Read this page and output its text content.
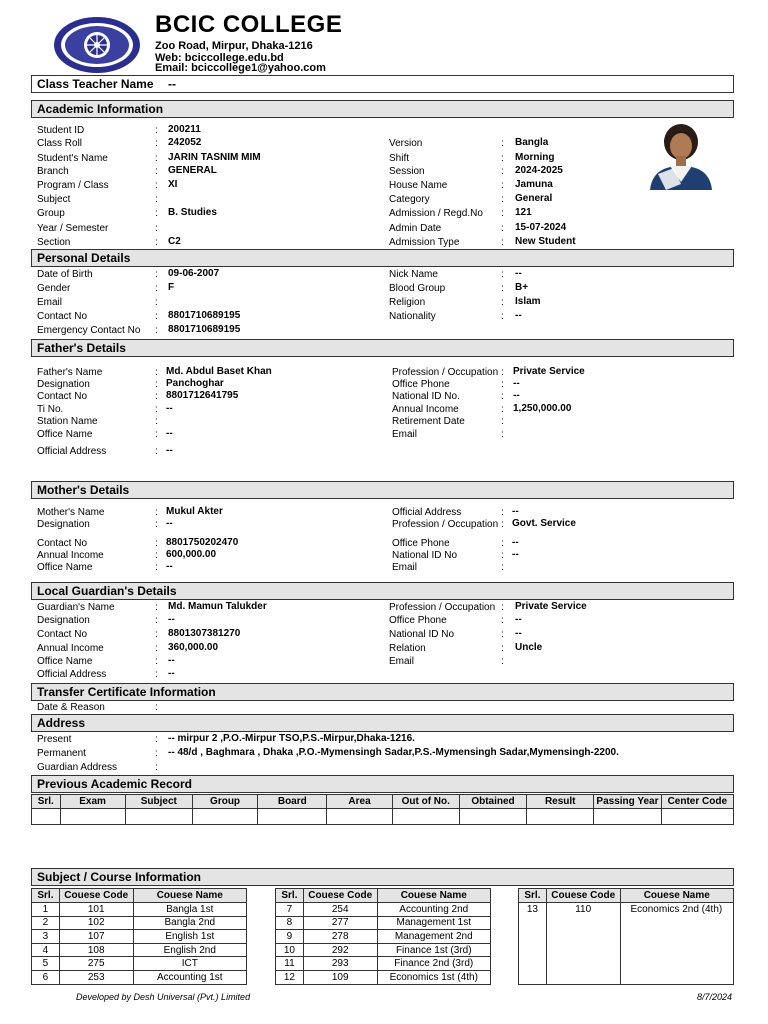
BCIC COLLEGE
Zoo Road, Mirpur, Dhaka-1216
Web: bciccollege.edu.bd
Email: bciccollege1@yahoo.com
Class Teacher Name --
Academic Information
Student ID	: 200211
Class Roll	: 242052
Student's Name	: JARIN TASNIM MIM
Branch	: GENERAL
Program / Class	: XI
Subject	:
Group	: B. Studies
Year / Semester	:
Section	: C2
Version	: Bangla
Shift	: Morning
Session	: 2024-2025
House Name	: Jamuna
Category	: General
Admission / Regd.No : 121
Admin Date	: 15-07-2024
Admission Type	: New Student
Personal Details
Date of Birth	: 09-06-2007
Gender	: F
Email	:
Contact No	: 8801710689195
Emergency Contact No : 8801710689195
Nick Name	: --
Blood Group	: B+
Religion	: Islam
Nationality	: --
Father's Details
Father's Name	: Md. Abdul Baset Khan
Designation	: Panchoghar
Contact No	: 8801712641795
Ti No.	: --
Station Name	:
Office Name	: --
Official Address	: --
Profession / Occupation : Private Service
Office Phone	: --
National ID No.	: --
Annual Income	: 1,250,000.00
Retirement Date	:
Email	:
Mother's Details
Mother's Name	: Mukul Akter
Designation	: --
Contact No	: 8801750202470
Annual Income	: 600,000.00
Office Name	: --
Official Address	: --
Profession / Occupation : Govt. Service
Office Phone	: --
National ID No	: --
Email	:
Local Guardian's Details
Guardian's Name	: Md. Mamun Talukder
Designation	: --
Contact No	: 8801307381270
Annual Income	: 360,000.00
Office Name	: --
Official Address	: --
Profession / Occupation : Private Service
Office Phone	: --
National ID No	: --
Relation	: Uncle
Email	:
Transfer Certificate Information
Date & Reason	:
Address
Present	: -- mirpur 2 ,P.O.-Mirpur TSO,P.S.-Mirpur,Dhaka-1216.
Permanent	: -- 48/d , Baghmara , Dhaka ,P.O.-Mymensingh Sadar,P.S.-Mymensingh Sadar,Mymensingh-2200.
Guardian Address	:
Previous Academic Record
Srl.	Exam	Subject	Group	Board	Area	Out of No.	Obtained	Result	Passing Year	Center Code

Subject / Course Information
Srl.	Couese Code	Couese Name
1	101	Bangla 1st
2	102	Bangla 2nd
3	107	English 1st
4	108	English 2nd
5	275	ICT
6	253	Accounting 1st
Srl.	Couese Code	Couese Name
7	254	Accounting 2nd
8	277	Management 1st
9	278	Management 2nd
10	292	Finance 1st (3rd)
11	293	Finance 2nd (3rd)
12	109	Economics 1st (4th)
Srl.	Couese Code	Couese Name
13	110	Economics 2nd (4th)

Developed by Desh Universal (Pvt.) Limited	8/7/2024
